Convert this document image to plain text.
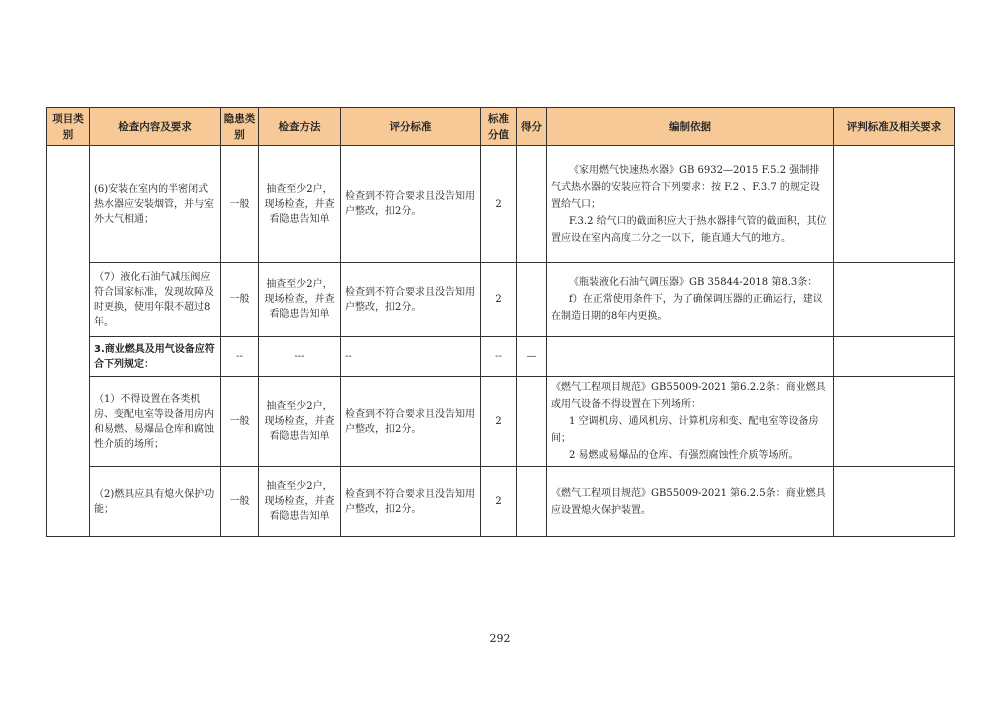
项目类别	检查内容及要求	隐患类别	检查方法	评分标准	标准分值	得分	编制依据	评判标准及相关要求
	(6)安装在室内的半密闭式热水器应安装烟管，并与室外大气相通；	一般	抽查至少2户，现场检查，并查看隐患告知单	检查到不符合要求且没告知用户整改，扣2分。	2		《家用燃气快速热水器》GB 6932—2015 F.5.2 强制排气式热水器的安装应符合下列要求：按 F.2 、F.3.7 的规定设置给气口；

F.3.2 给气口的截面积应大于热水器排气管的截面积，其位置应设在室内高度二分之一以下，能直通大气的地方。	

	（7）液化石油气减压阀应符合国家标准，发现故障及时更换，使用年限不超过8年。	一般	抽查至少2户，现场检查，并查看隐患告知单	检查到不符合要求且没告知用户整改，扣2分。	2		《瓶装液化石油气调压器》GB 35844-2018 第8.3条：

f）在正常使用条件下，为了确保调压器的正确运行，建议在制造日期的8年内更换。	

	3.商业燃具及用气设备应符合下列规定：	--	---	--	--	—		
	（1）不得设置在各类机房、变配电室等设备用房内和易燃、易爆品仓库和腐蚀性介质的场所；	一般	抽查至少2户，现场检查，并查看隐患告知单	检查到不符合要求且没告知用户整改，扣2分。	2		《燃气工程项目规范》GB55009-2021 第6.2.2条：商业燃具或用气设备不得设置在下列场所：

1 空调机房、通风机房、计算机房和变、配电室等设备房间；

2 易燃或易爆品的仓库、有强烈腐蚀性介质等场所。	

	（2)燃具应具有熄火保护功能；	一般	抽查至少2户，现场检查，并查看隐患告知单	检查到不符合要求且没告知用户整改，扣2分。	2		《燃气工程项目规范》GB55009-2021 第6.2.5条：商业燃具应设置熄火保护装置。	

292
